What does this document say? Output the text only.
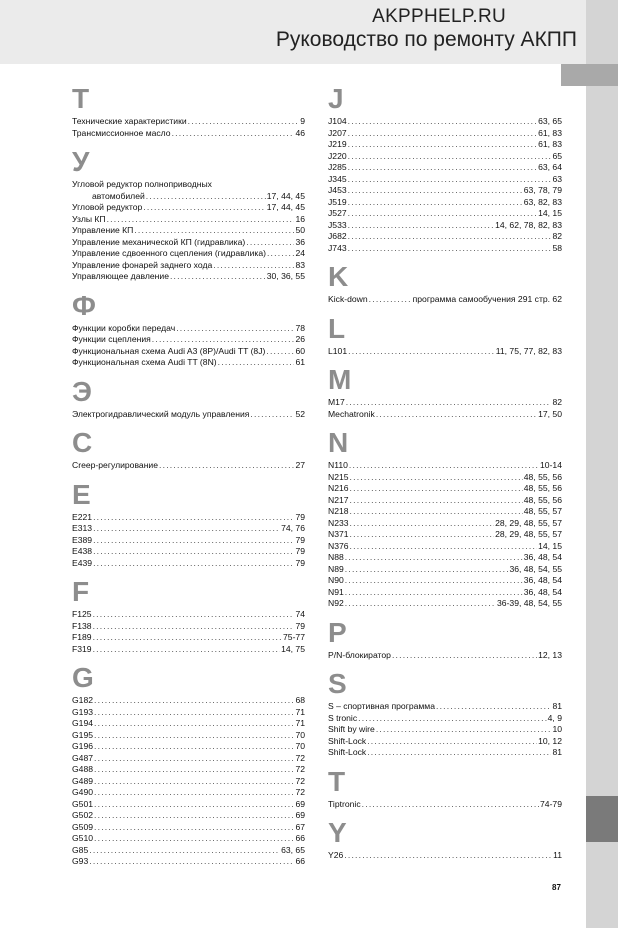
AKPPHELP.RU
Руководство по ремонту АКПП
Т
Технические характеристики .....	9
Трансмиссионное масло .....	46
У
Угловой редуктор полноприводных
автомобилей .....	17, 44, 45
Угловой редуктор .....	17, 44, 45
Узлы КП .....	16
Управление КП .....	50
Управление механической КП (гидравлика) .....	36
Управление сдвоенного сцепления (гидравлика) .....	24
Управление фонарей заднего хода .....	83
Управляющее давление .....	30, 36, 55
Ф
Функции коробки передач .....	78
Функции сцепления .....	26
Функциональная схема Audi A3 (8P)/Audi TT (8J) .....	60
Функциональная схема Audi TT (8N) .....	61
Э
Электрогидравлический модуль управления .....	52
C
Creep-регулирование .....	27
E
E221 .....	79
E313 .....	74, 76
E389 .....	79
E438 .....	79
E439 .....	79
F
F125 .....	74
F138 .....	79
F189 .....	75-77
F319 .....	14, 75
G
G182 .....	68
G193 .....	71
G194 .....	71
G195 .....	70
G196 .....	70
G487 .....	72
G488 .....	72
G489 .....	72
G490 .....	72
G501 .....	69
G502 .....	69
G509 .....	67
G510 .....	66
G85 .....	63, 65
G93 .....	66
J
J104 .....	63, 65
J207 .....	61, 83
J219 .....	61, 83
J220 .....	65
J285 .....	63, 64
J345 .....	63
J453 .....	63, 78, 79
J519 .....	63, 82, 83
J527 .....	14, 15
J533 .....	14, 62, 78, 82, 83
J682 .....	82
J743 .....	58
K
Kick-down .....	программа самообучения 291 стр. 62
L
L101 .....	11, 75, 77, 82, 83
M
M17 .....	82
Mechatronik .....	17, 50
N
N110 .....	10-14
N215 .....	48, 55, 56
N216 .....	48, 55, 56
N217 .....	48, 55, 56
N218 .....	48, 55, 57
N233 .....	28, 29, 48, 55, 57
N371 .....	28, 29, 48, 55, 57
N376 .....	14, 15
N88 .....	36, 48, 54
N89 .....	36, 48, 54, 55
N90 .....	36, 48, 54
N91 .....	36, 48, 54
N92 .....	36-39, 48, 54, 55
P
P/N-блокиратор .....	12, 13
S
S – спортивная программа .....	81
S tronic .....	4, 9
Shift by wire .....	10
Shift-Lock .....	10, 12
Shift-Lock .....	81
T
Tiptronic .....	74-79
Y
Y26 .....	11
87
